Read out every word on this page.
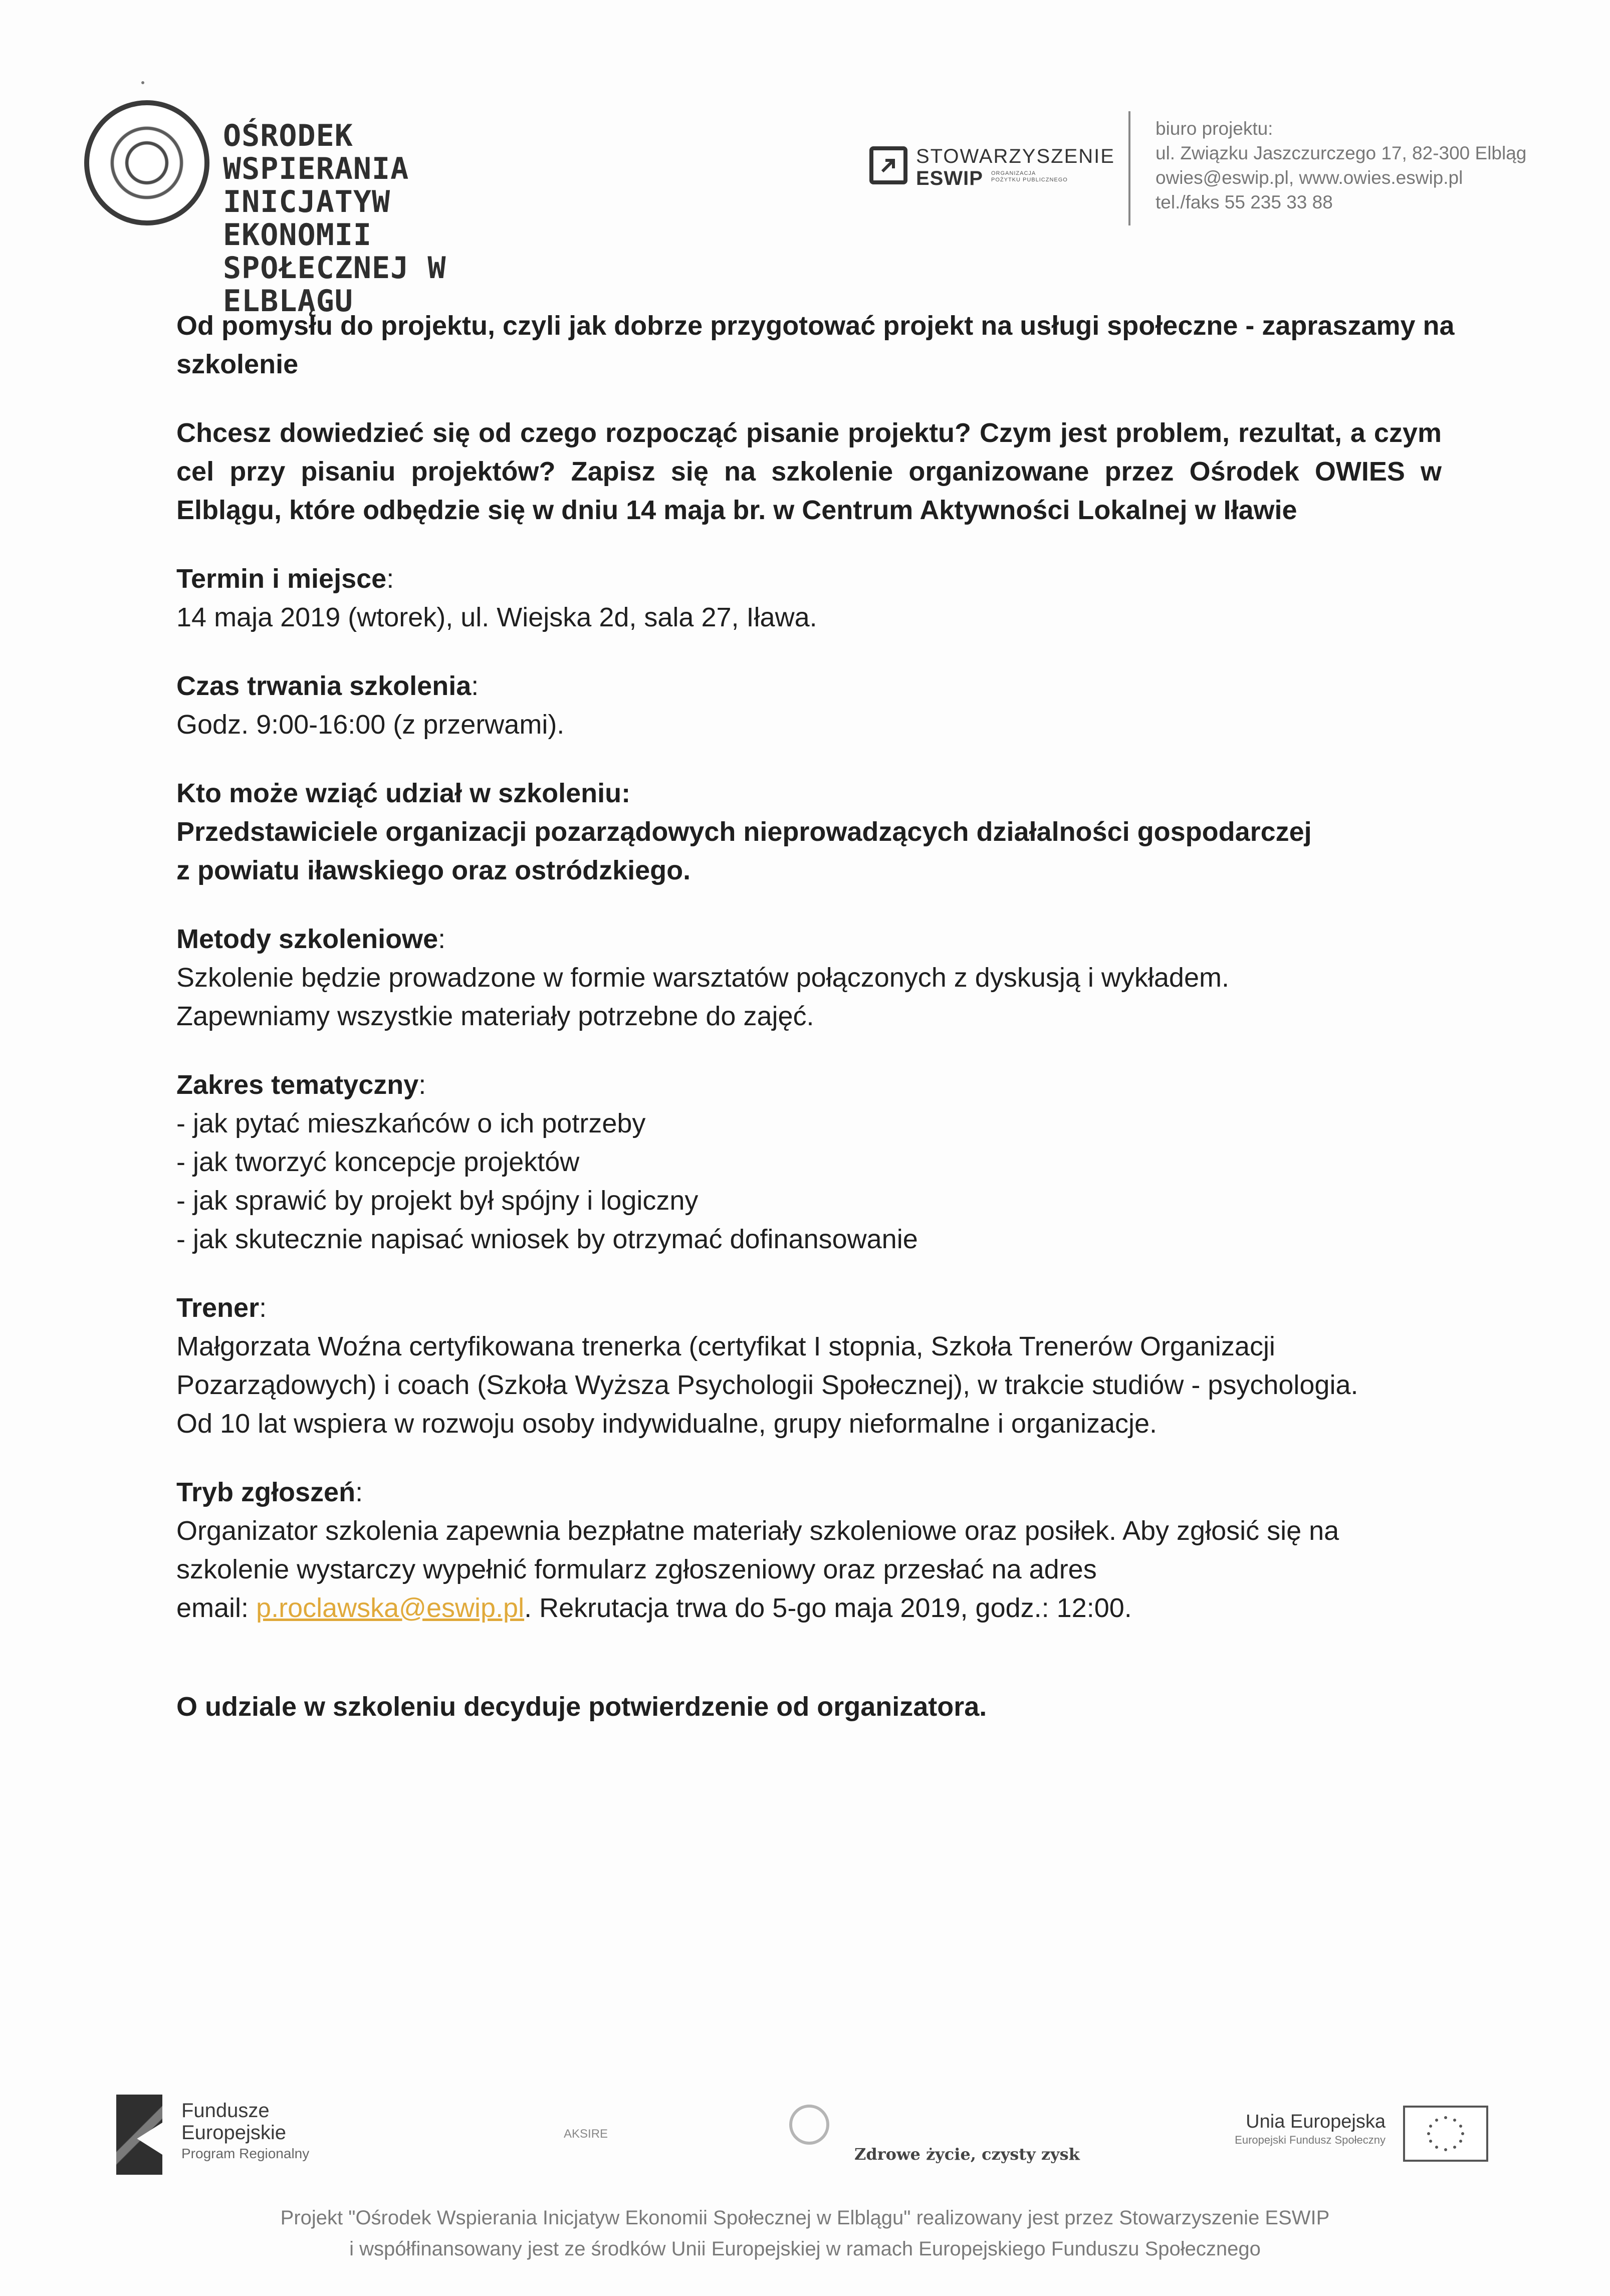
OŚRODEK WSPIERANIA
INICJATYW EKONOMII
SPOŁECZNEJ W ELBLĄGU
STOWARZYSZENIE
ESWIP	ORGANIZACJA
POŻYTKU PUBLICZNEGO
biuro projektu:
ul. Związku Jaszczurczego 17, 82-300 Elbląg
owies@eswip.pl, www.owies.eswip.pl
tel./faks 55 235 33 88
Od pomysłu do projektu, czyli jak dobrze przygotować projekt na usługi społeczne - zapraszamy na szkolenie
Chcesz dowiedzieć się od czego rozpocząć pisanie projektu? Czym jest problem, rezultat, a czym cel przy pisaniu projektów? Zapisz się na szkolenie organizowane przez Ośrodek OWIES w Elblągu, które odbędzie się w dniu 14 maja br. w Centrum Aktywności Lokalnej w Iławie
Termin i miejsce:
14 maja 2019 (wtorek), ul. Wiejska 2d, sala 27, Iława.
Czas trwania szkolenia:
Godz. 9:00-16:00 (z przerwami).
Kto może wziąć udział w szkoleniu:
Przedstawiciele organizacji pozarządowych nieprowadzących działalności gospodarczej
z powiatu iławskiego oraz ostródzkiego.
Metody szkoleniowe:
Szkolenie będzie prowadzone w formie warsztatów połączonych z dyskusją i wykładem.
Zapewniamy wszystkie materiały potrzebne do zajęć.
Zakres tematyczny:
- jak pytać mieszkańców o ich potrzeby
- jak tworzyć koncepcje projektów
- jak sprawić by projekt był spójny i logiczny
- jak skutecznie napisać wniosek by otrzymać dofinansowanie
Trener:
Małgorzata Woźna certyfikowana trenerka (certyfikat I stopnia, Szkoła Trenerów Organizacji
Pozarządowych) i coach (Szkoła Wyższa Psychologii Społecznej), w trakcie studiów - psychologia.
Od 10 lat wspiera w rozwoju osoby indywidualne, grupy nieformalne i organizacje.
Tryb zgłoszeń:
Organizator szkolenia zapewnia bezpłatne materiały szkoleniowe oraz posiłek. Aby zgłosić się na
szkolenie wystarczy wypełnić formularz zgłoszeniowy oraz przesłać na adres
email: p.roclawska@eswip.pl. Rekrutacja trwa do 5-go maja 2019, godz.: 12:00.
O udziale w szkoleniu decyduje potwierdzenie od organizatora.
Fundusze
Europejskie
Program Regionalny
AKSIRE
Zdrowe życie, czysty zysk
Unia Europejska
Europejski Fundusz Społeczny
Projekt "Ośrodek Wspierania Inicjatyw Ekonomii Społecznej w Elblągu" realizowany jest przez Stowarzyszenie ESWIP
i współfinansowany jest ze środków Unii Europejskiej w ramach Europejskiego Funduszu Społecznego
